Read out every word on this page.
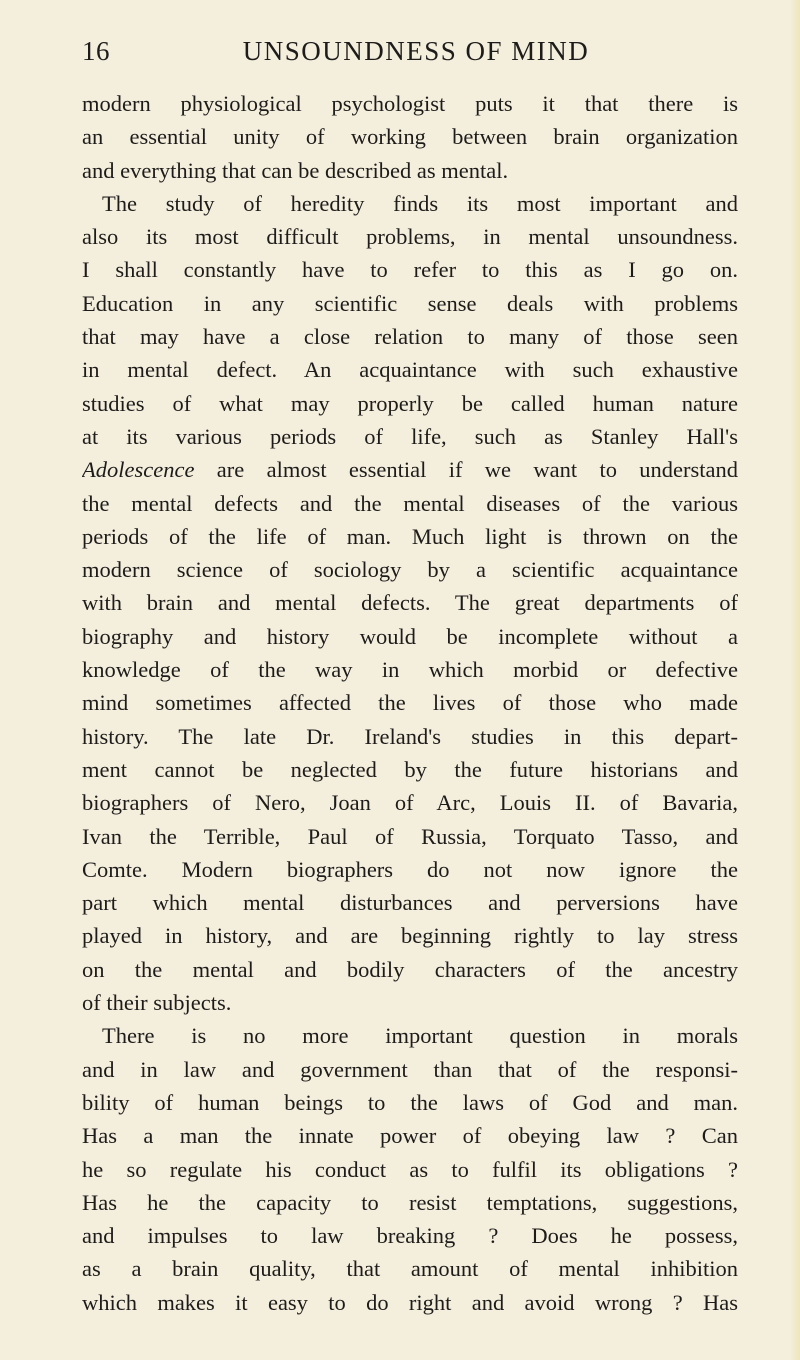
16	UNSOUNDNESS OF MIND
modern physiological psychologist puts it that there is
an essential unity of working between brain organization
and everything that can be described as mental.
The study of heredity finds its most important and
also its most difficult problems, in mental unsoundness.
I shall constantly have to refer to this as I go on.
Education in any scientific sense deals with problems
that may have a close relation to many of those seen
in mental defect. An acquaintance with such exhaustive
studies of what may properly be called human nature
at its various periods of life, such as Stanley Hall's
Adolescence are almost essential if we want to understand
the mental defects and the mental diseases of the various
periods of the life of man. Much light is thrown on the
modern science of sociology by a scientific acquaintance
with brain and mental defects. The great departments of
biography and history would be incomplete without a
knowledge of the way in which morbid or defective
mind sometimes affected the lives of those who made
history. The late Dr. Ireland's studies in this depart-
ment cannot be neglected by the future historians and
biographers of Nero, Joan of Arc, Louis II. of Bavaria,
Ivan the Terrible, Paul of Russia, Torquato Tasso, and
Comte. Modern biographers do not now ignore the
part which mental disturbances and perversions have
played in history, and are beginning rightly to lay stress
on the mental and bodily characters of the ancestry
of their subjects.
There is no more important question in morals
and in law and government than that of the responsi-
bility of human beings to the laws of God and man.
Has a man the innate power of obeying law ? Can
he so regulate his conduct as to fulfil its obligations ?
Has he the capacity to resist temptations, suggestions,
and impulses to law breaking ? Does he possess,
as a brain quality, that amount of mental inhibition
which makes it easy to do right and avoid wrong ? Has
